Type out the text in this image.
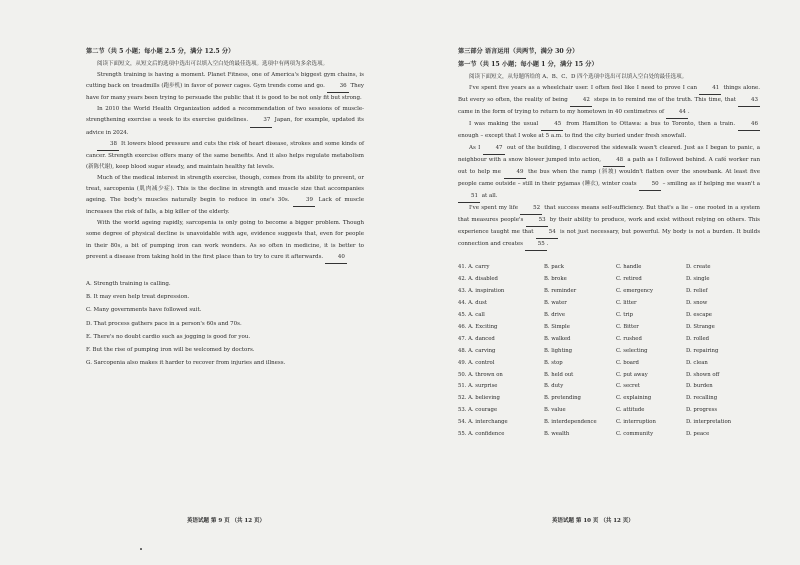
第二节（共 5 小题；每小题 2.5 分，满分 12.5 分）

阅读下面短文，从短文后的选项中选出可以填入空白处的最佳选项。选项中有两项为多余选项。

Strength training is having a moment. Planet Fitness, one of America's biggest gym chains, is cutting back on treadmills (跑步机) in favor of power cages. Gym trends come and go.	36 They have for many years been trying to persuade the public that it is good to be not only fit but strong.

In 2010 the World Health Organization added a recommendation of two sessions of muscle-strengthening exercise a week to its exercise guidelines.	37 Japan, for example, updated its advice in 2024.

38 It lowers blood pressure and cuts the risk of heart disease, strokes and some kinds of cancer. Strength exercise offers many of the same benefits. And it also helps regulate metabolism (新陈代谢), keep blood sugar steady, and maintain healthy fat levels.

Much of the medical interest in strength exercise, though, comes from its ability to prevent, or treat, sarcopenia (肌肉减少症). This is the decline in strength and muscle size that accompanies ageing. The body's muscles naturally begin to reduce in one's 30s.	39 Lack of muscle increases the risk of falls, a big killer of the elderly.

With the world ageing rapidly, sarcopenia is only going to become a bigger problem. Though some degree of physical decline is unavoidable with age, evidence suggests that, even for people in their 80s, a bit of pumping iron can work wonders. As so often in medicine, it is better to prevent a disease from taking hold in the first place than to try to cure it afterwards.	40

A. Strength training is calling.
B. It may even help treat depression.
C. Many governments have followed suit.
D. That process gathers pace in a person's 60s and 70s.
E. There's no doubt cardio such as jogging is good for you.
F. But the rise of pumping iron will be welcomed by doctors.
G. Sarcopenia also makes it harder to recover from injuries and illness.
英语试题 第 9 页 （共 12 页）
第三部分 语言运用（共两节，满分 30 分）
第一节（共 15 小题；每小题 1 分，满分 15 分）

阅读下面短文，从每题所给的 A、B、C、D 四个选项中选出可以填入空白处的最佳选项。

I've spent five years as a wheelchair user. I often feel like I need to prove I can	41 things alone. But every so often, the reality of being	42 steps in to remind me of the truth. This time, that	43 came in the form of trying to return to my hometown in 40 centimetres of	44 .

I was making the usual	45 from Hamilton to Ottawa: a bus to Toronto, then a train.	46 enough – except that I woke at 5 a.m. to find the city buried under fresh snowfall.

As I	47 out of the building, I discovered the sidewalk wasn't cleared. Just as I began to panic, a neighbour with a snow blower jumped into action,	48 a path as I followed behind. A café worker ran out to help me	49 the bus when the ramp (斜坡) wouldn't flatten over the snowbank. At least five people came outside – still in their pyjamas (睡衣), winter coats	50 – smiling as if helping me wasn't a 51 at all.

I've spent my life	52 that success means self-sufficiency. But that's a lie – one rooted in a system that measures people's	53 by their ability to produce, work and exist without relying on others. This experience taught me that	54 is not just necessary, but powerful. My body is not a burden. It builds connection and creates	55 .

41. A. carry	B. pack	C. handle	D. create
42. A. disabled	B. broke	C. retired	D. single
43. A. inspiration	B. reminder	C. emergency	D. relief
44. A. dust	B. water	C. litter	D. snow
45. A. call	B. drive	C. trip	D. escape
46. A. Exciting	B. Simple	C. Bitter	D. Strange
47. A. danced	B. walked	C. rushed	D. rolled
48. A. carving	B. lighting	C. selecting	D. repairing
49. A. control	B. stop	C. board	D. clean
50. A. thrown on	B. held out	C. put away	D. shown off
51. A. surprise	B. duty	C. secret	D. burden
52. A. believing	B. pretending	C. explaining	D. recalling
53. A. courage	B. value	C. attitude	D. progress
54. A. interchange	B. interdependence	C. interruption	D. interpretation
55. A. confidence	B. wealth	C. community	D. peace
英语试题 第 10 页 （共 12 页）
